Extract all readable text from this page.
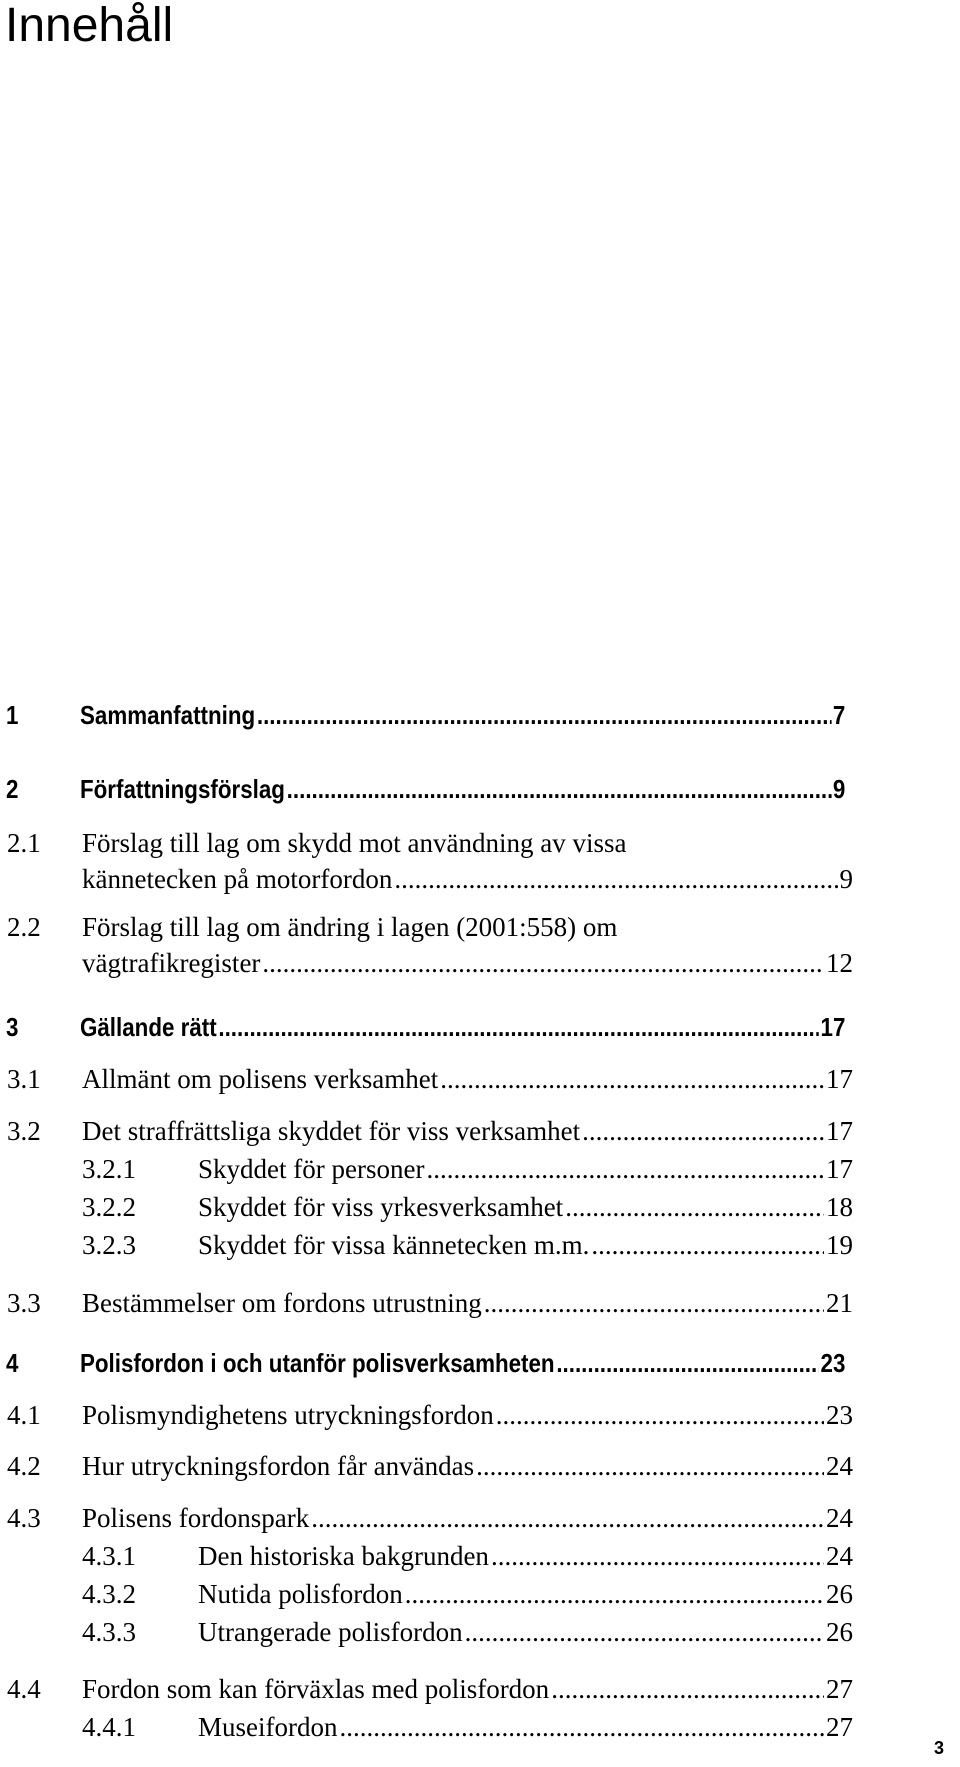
Innehåll
1 Sammanfattning .....	7
2 Författningsförslag .....	9
2.1 Förslag till lag om skydd mot användning av vissa
kännetecken på motorfordon .....	9
2.2 Förslag till lag om ändring i lagen (2001:558) om
vägtrafikregister .....	12
3 Gällande rätt .....	17
3.1 Allmänt om polisens verksamhet .....	17
3.2 Det straffrättsliga skyddet för viss verksamhet .....	17
3.2.1 Skyddet för personer .....	17
3.2.2 Skyddet för viss yrkesverksamhet .....	18
3.2.3 Skyddet för vissa kännetecken m.m. .....	19
3.3 Bestämmelser om fordons utrustning .....	21
4 Polisfordon i och utanför polisverksamheten .....	23
4.1 Polismyndighetens utryckningsfordon .....	23
4.2 Hur utryckningsfordon får användas .....	24
4.3 Polisens fordonspark .....	24
4.3.1 Den historiska bakgrunden .....	24
4.3.2 Nutida polisfordon .....	26
4.3.3 Utrangerade polisfordon .....	26
4.4 Fordon som kan förväxlas med polisfordon .....	27
4.4.1 Museifordon .....	27
3
